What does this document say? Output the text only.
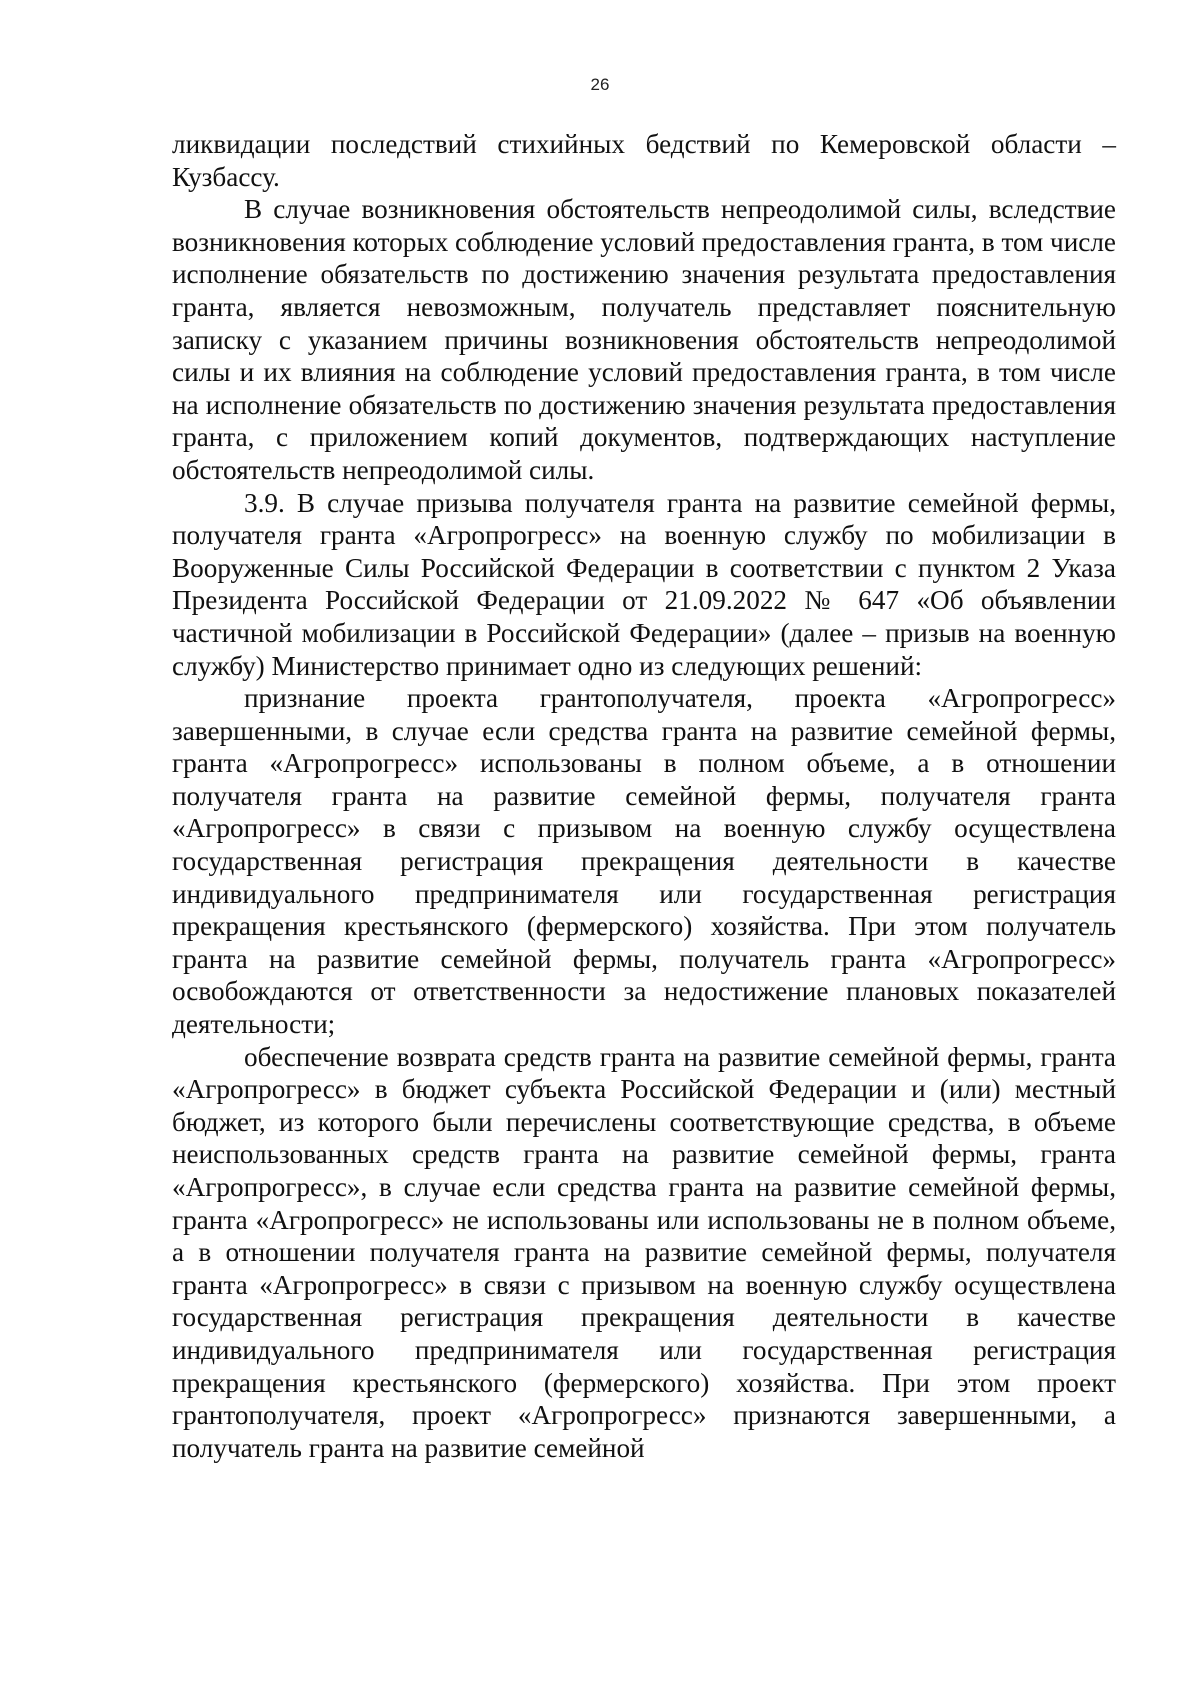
26

ликвидации последствий стихийных бедствий по Кемеровской области – Кузбассу.

В случае возникновения обстоятельств непреодолимой силы, вследствие возникновения которых соблюдение условий предоставления гранта, в том числе исполнение обязательств по достижению значения результата предоставления гранта, является невозможным, получатель представляет пояснительную записку с указанием причины возникновения обстоятельств непреодолимой силы и их влияния на соблюдение условий предоставления гранта, в том числе на исполнение обязательств по достижению значения результата предоставления гранта, с приложением копий документов, подтверждающих наступление обстоятельств непреодолимой силы.

3.9. В случае призыва получателя гранта на развитие семейной фермы, получателя гранта «Агропрогресс» на военную службу по мобилизации в Вооруженные Силы Российской Федерации в соответствии с пунктом 2 Указа Президента Российской Федерации от 21.09.2022 № 647 «Об объявлении частичной мобилизации в Российской Федерации» (далее – призыв на военную службу) Министерство принимает одно из следующих решений:

признание проекта грантополучателя, проекта «Агропрогресс» завершенными, в случае если средства гранта на развитие семейной фермы, гранта «Агропрогресс» использованы в полном объеме, а в отношении получателя гранта на развитие семейной фермы, получателя гранта «Агропрогресс» в связи с призывом на военную службу осуществлена государственная регистрация прекращения деятельности в качестве индивидуального предпринимателя или государственная регистрация прекращения крестьянского (фермерского) хозяйства. При этом получатель гранта на развитие семейной фермы, получатель гранта «Агропрогресс» освобождаются от ответственности за недостижение плановых показателей деятельности;

обеспечение возврата средств гранта на развитие семейной фермы, гранта «Агропрогресс» в бюджет субъекта Российской Федерации и (или) местный бюджет, из которого были перечислены соответствующие средства, в объеме неиспользованных средств гранта на развитие семейной фермы, гранта «Агропрогресс», в случае если средства гранта на развитие семейной фермы, гранта «Агропрогресс» не использованы или использованы не в полном объеме, а в отношении получателя гранта на развитие семейной фермы, получателя гранта «Агропрогресс» в связи с призывом на военную службу осуществлена государственная регистрация прекращения деятельности в качестве индивидуального предпринимателя или государственная регистрация прекращения крестьянского (фермерского) хозяйства. При этом проект грантополучателя, проект «Агропрогресс» признаются завершенными, а получатель гранта на развитие семейной
